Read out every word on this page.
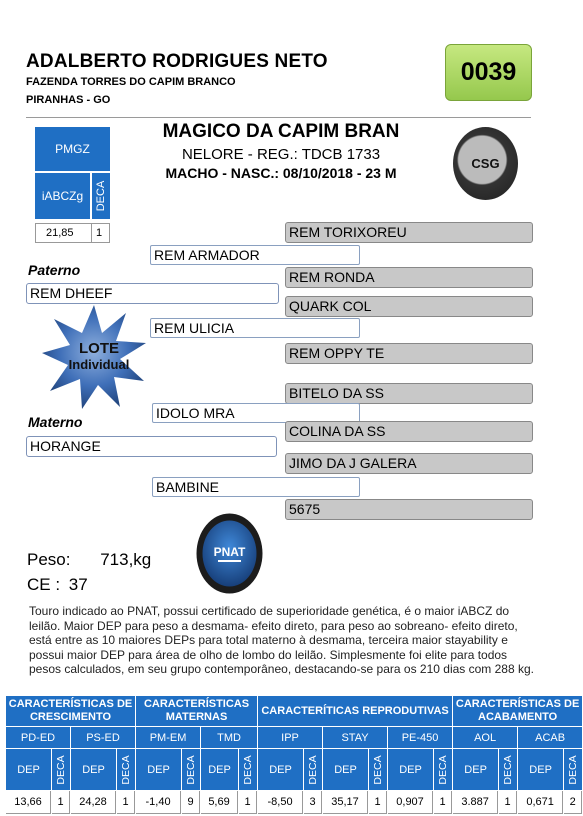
ADALBERTO RODRIGUES NETO
FAZENDA TORRES DO CAPIM BRANCO
PIRANHAS - GO
0039
MAGICO DA CAPIM BRAN
NELORE - REG.: TDCB 1733
MACHO - NASC.: 08/10/2018 - 23 M
CSG
PMGZ
iABCZg	DECA
21,85 1	REM TORIXOREU
REM ARMADOR
REM RONDA
Paterno
REM DHEEF
QUARK COL
REM ULICIA
REM OPPY TE
LOTE
Individual
BITELO DA SS
IDOLO MRA
Materno
COLINA DA SS
HORANGE
JIMO DA J GALERA
BAMBINE
5675
PNAT
Peso: 713,kg
CE : 37
Touro indicado ao PNAT, possui certificado de superioridade genética, é o maior iABCZ do leilão. Maior DEP para peso a desmama- efeito direto, para peso ao sobreano- efeito direto, está entre as 10 maiores DEPs para total materno à desmama, terceira maior stayability e possui maior DEP para área de olho de lombo do leilão. Simplesmente foi elite para todos pesos calculados, em seu grupo contemporâneo, destacando-se para os 210 dias com 288 kg.
CARACTERÍSTICAS DE CRESCIMENTO				CARACTERÍSTICAS MATERNAS				CARACTERÍTICAS REPRODUTIVAS						CARACTERÍSTICAS DE ACABAMENTO			
PD-ED		PS-ED		PM-EM		TMD		IPP		STAY		PE-450		AOL		ACAB	
DEP	DECA	DEP	DECA	DEP	DECA	DEP	DECA	DEP	DECA	DEP	DECA	DEP	DECA	DEP	DECA	DEP	DECA

13,66	1	24,28	1	-1,40	9	5,69	1	-8,50	3	35,17	1	0,907	1	3.887	1	0,671	2
